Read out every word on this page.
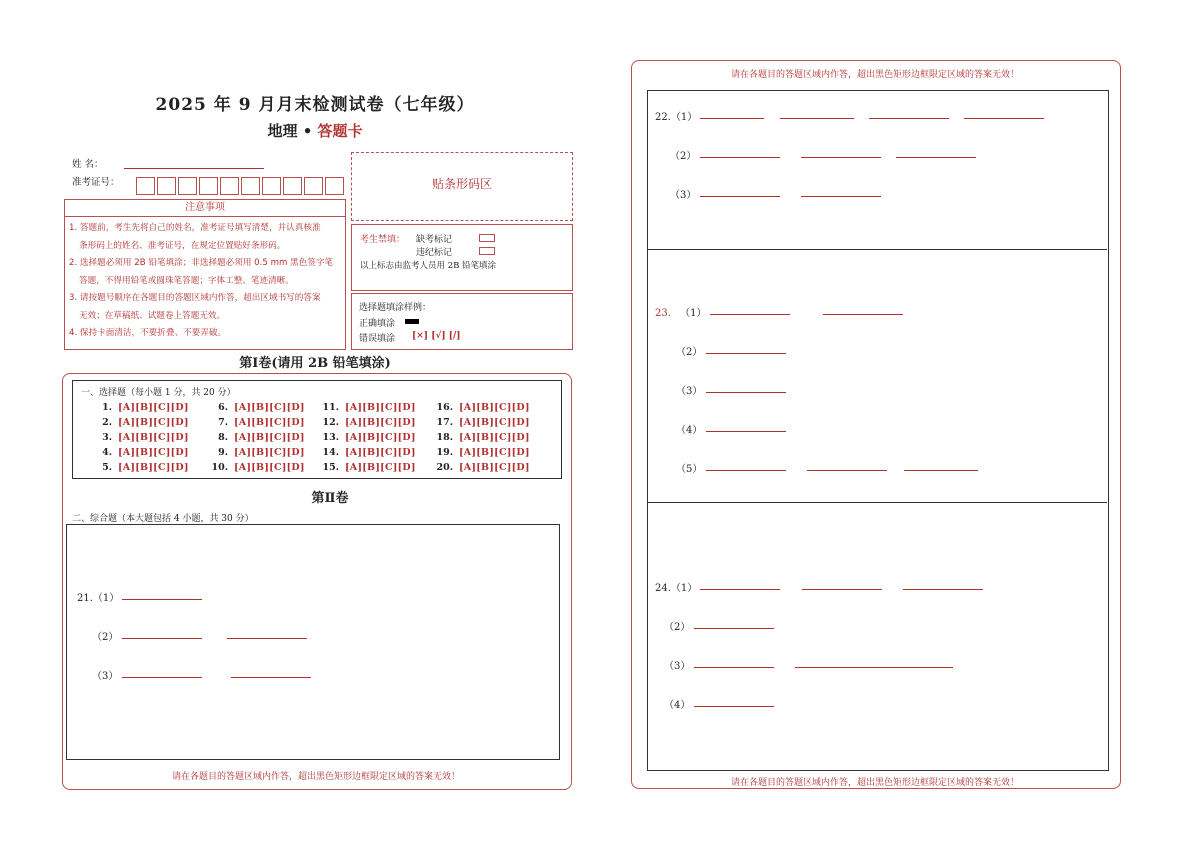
2025 年 9 月月末检测试卷（七年级）
地理 • 答题卡
姓 名：
准考证号：	贴条形码区
注意事项
1. 答题前，考生先将自己的姓名，准考证号填写清楚，并认真核准
条形码上的姓名、准考证号，在规定位置贴好条形码。
2. 选择题必须用 2B 铅笔填涂；非选择题必须用 0.5 mm 黑色签字笔
答题，不得用铅笔或圆珠笔答题；字体工整、笔迹清晰。
3. 请按题号顺序在各题目的答题区域内作答，超出区域书写的答案
无效；在草稿纸、试题卷上答题无效。
4. 保持卡面清洁，不要折叠、不要弄破。
考生禁填： 缺考标记
违纪标记
以上标志由监考人员用 2B 铅笔填涂
选择题填涂样例：
正确填涂
错误填涂 [×] [√] [/]
第Ⅰ卷(请用 2B 铅笔填涂)
一、选择题（每小题 1 分，共 20 分）
1. [A][B][C][D]
2. [A][B][C][D]
3. [A][B][C][D]
4. [A][B][C][D]
5. [A][B][C][D]
6. [A][B][C][D]
7. [A][B][C][D]
8. [A][B][C][D]
9. [A][B][C][D]
10. [A][B][C][D]
11. [A][B][C][D]
12. [A][B][C][D]
13. [A][B][C][D]
14. [A][B][C][D]
15. [A][B][C][D]
16. [A][B][C][D]
17. [A][B][C][D]
18. [A][B][C][D]
19. [A][B][C][D]
20. [A][B][C][D]
第Ⅱ卷
二、综合题（本大题包括 4 小题，共 30 分）
21.（1）
（2）
（3）
请在各题目的答题区域内作答，超出黑色矩形边框限定区域的答案无效！
请在各题目的答题区域内作答，超出黑色矩形边框限定区域的答案无效！
22.（1）
（2）
（3）
23. （1）
（2）
（3）
（4）
（5）
24.（1）
（2）
（3）
（4）
请在各题目的答题区域内作答，超出黑色矩形边框限定区域的答案无效！
